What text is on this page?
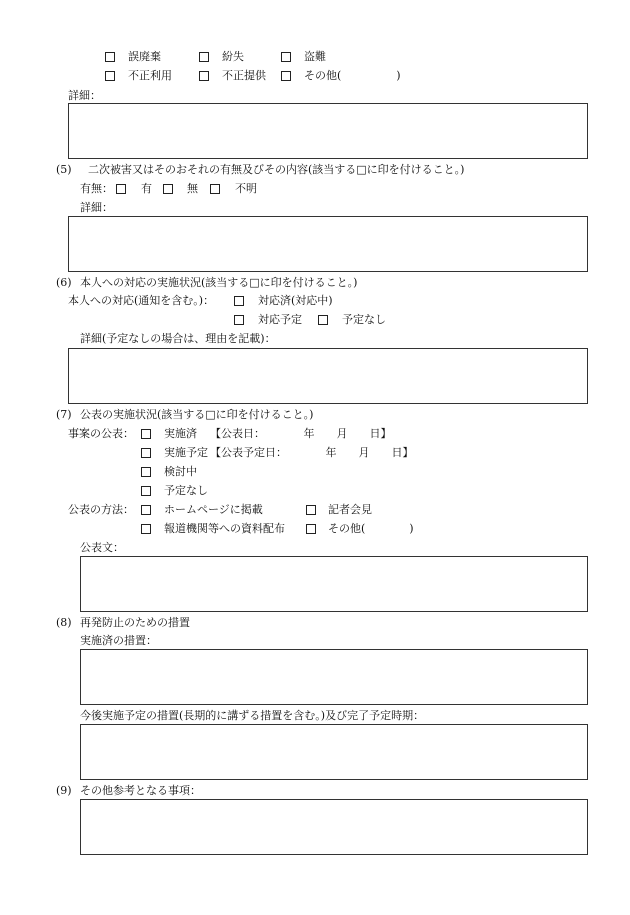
誤廃棄	紛失	盗難
不正利用	不正提供	その他(　　　　　)
詳細：
(5) 二次被害又はそのおそれの有無及びその内容(該当する□に印を付けること。)
有無：	有	無	不明
詳細：
(6) 本人への対応の実施状況(該当する□に印を付けること。)
本人への対応(通知を含む。)：	対応済(対応中)
対応予定	予定なし
詳細(予定なしの場合は、理由を記載)：
(7) 公表の実施状況(該当する□に印を付けること。)
事案の公表：	実施済 【公表日：　　　　年　　月　　日】
実施予定 【公表予定日：　　　　年　　月　　日】
検討中
予定なし
公表の方法：	ホームページに掲載	記者会見
報道機関等への資料配布	その他(　　　　)
公表文：
(8) 再発防止のための措置
実施済の措置：
今後実施予定の措置(長期的に講ずる措置を含む。)及び完了予定時期：
(9) その他参考となる事項：
